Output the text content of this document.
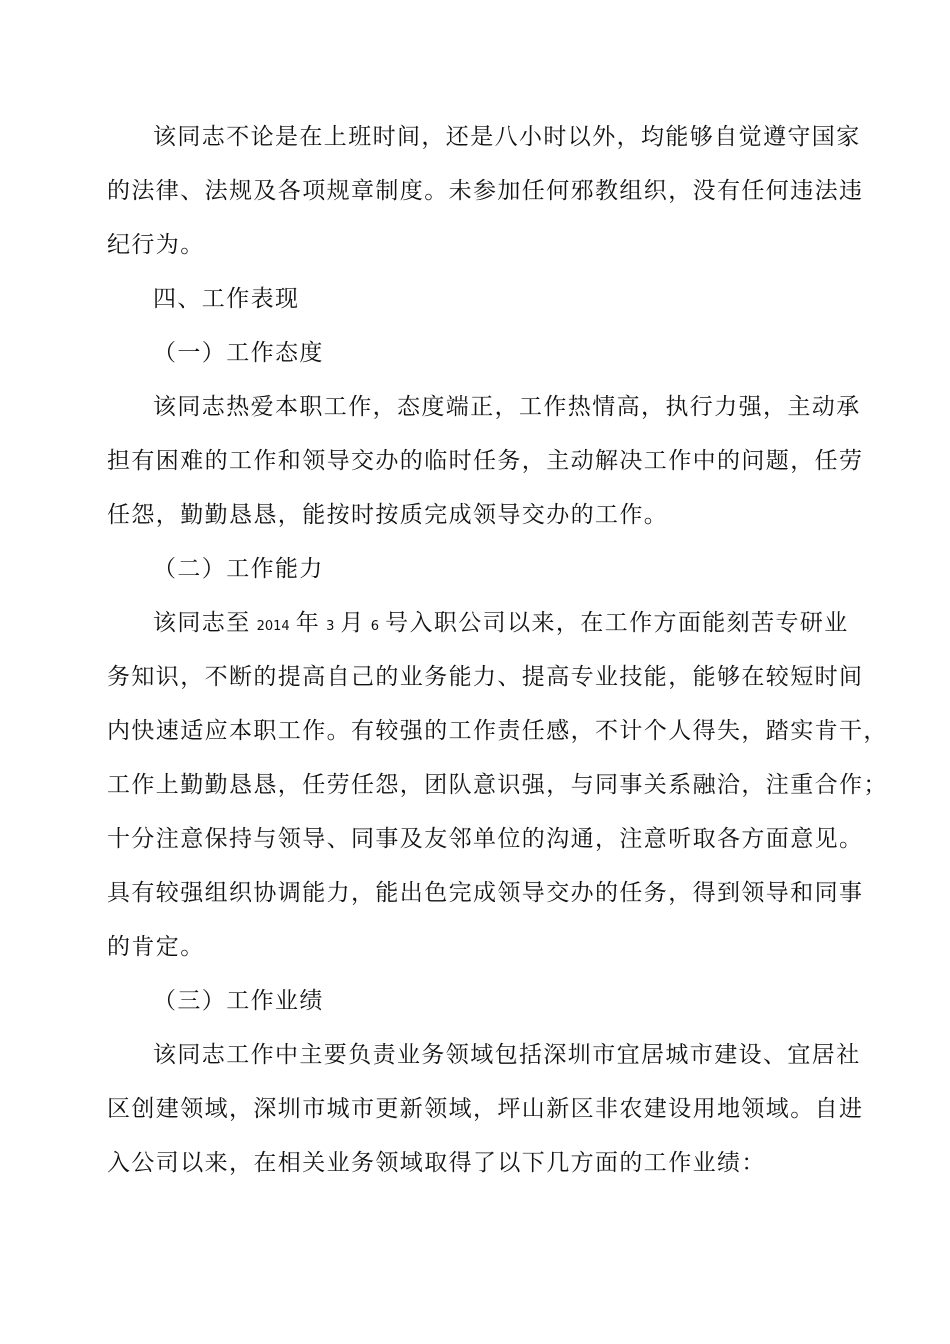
该同志不论是在上班时间，还是八小时以外，均能够自觉遵守国家
的法律、法规及各项规章制度。未参加任何邪教组织，没有任何违法违
纪行为。
四、工作表现
（一）工作态度
该同志热爱本职工作，态度端正，工作热情高，执行力强，主动承
担有困难的工作和领导交办的临时任务，主动解决工作中的问题，任劳
任怨，勤勤恳恳，能按时按质完成领导交办的工作。
（二）工作能力
该同志至 2014 年 3 月 6 号入职公司以来，在工作方面能刻苦专研业
务知识，不断的提高自己的业务能力、提高专业技能，能够在较短时间
内快速适应本职工作。有较强的工作责任感，不计个人得失，踏实肯干，
工作上勤勤恳恳，任劳任怨，团队意识强，与同事关系融洽，注重合作；
十分注意保持与领导、同事及友邻单位的沟通，注意听取各方面意见。
具有较强组织协调能力，能出色完成领导交办的任务，得到领导和同事
的肯定。
（三）工作业绩
该同志工作中主要负责业务领域包括深圳市宜居城市建设、宜居社
区创建领域，深圳市城市更新领域，坪山新区非农建设用地领域。自进
入公司以来，在相关业务领域取得了以下几方面的工作业绩：
